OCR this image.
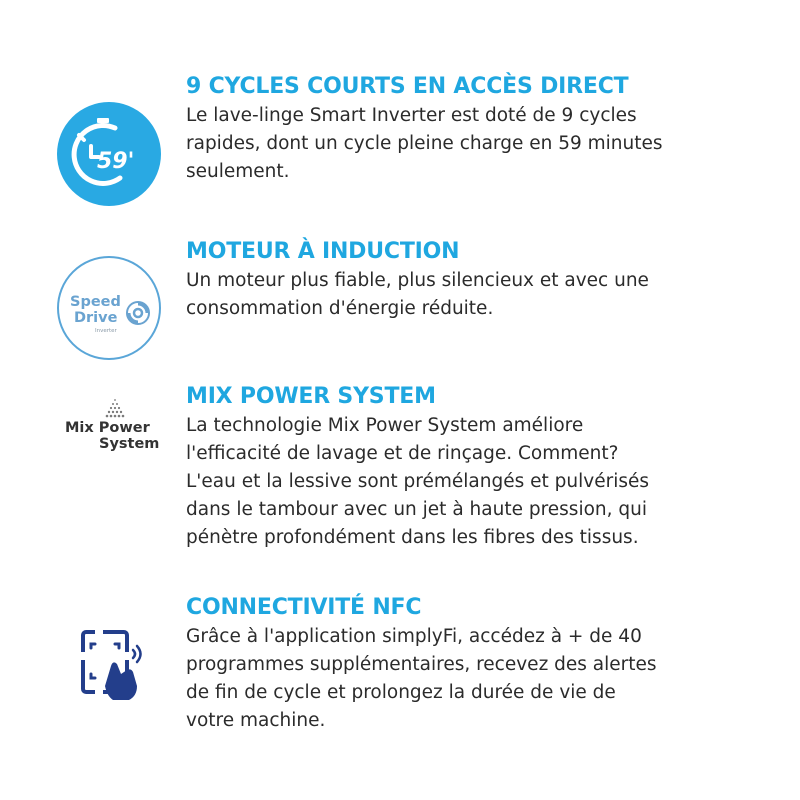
59'
9 CYCLES COURTS EN ACCÈS DIRECT

Le lave-linge Smart Inverter est doté de 9 cycles
rapides, dont un cycle pleine charge en 59 minutes
seulement.

Speed
Drive
Inverter
MOTEUR À INDUCTION

Un moteur plus fiable, plus silencieux et avec une
consommation d'énergie réduite.

Mix Power
System
MIX POWER SYSTEM

La technologie Mix Power System améliore
l'efficacité de lavage et de rinçage. Comment?
L'eau et la lessive sont prémélangés et pulvérisés
dans le tambour avec un jet à haute pression, qui
pénètre profondément dans les fibres des tissus.

CONNECTIVITÉ NFC

Grâce à l'application simplyFi, accédez à + de 40
programmes supplémentaires, recevez des alertes
de fin de cycle et prolongez la durée de vie de
votre machine.
